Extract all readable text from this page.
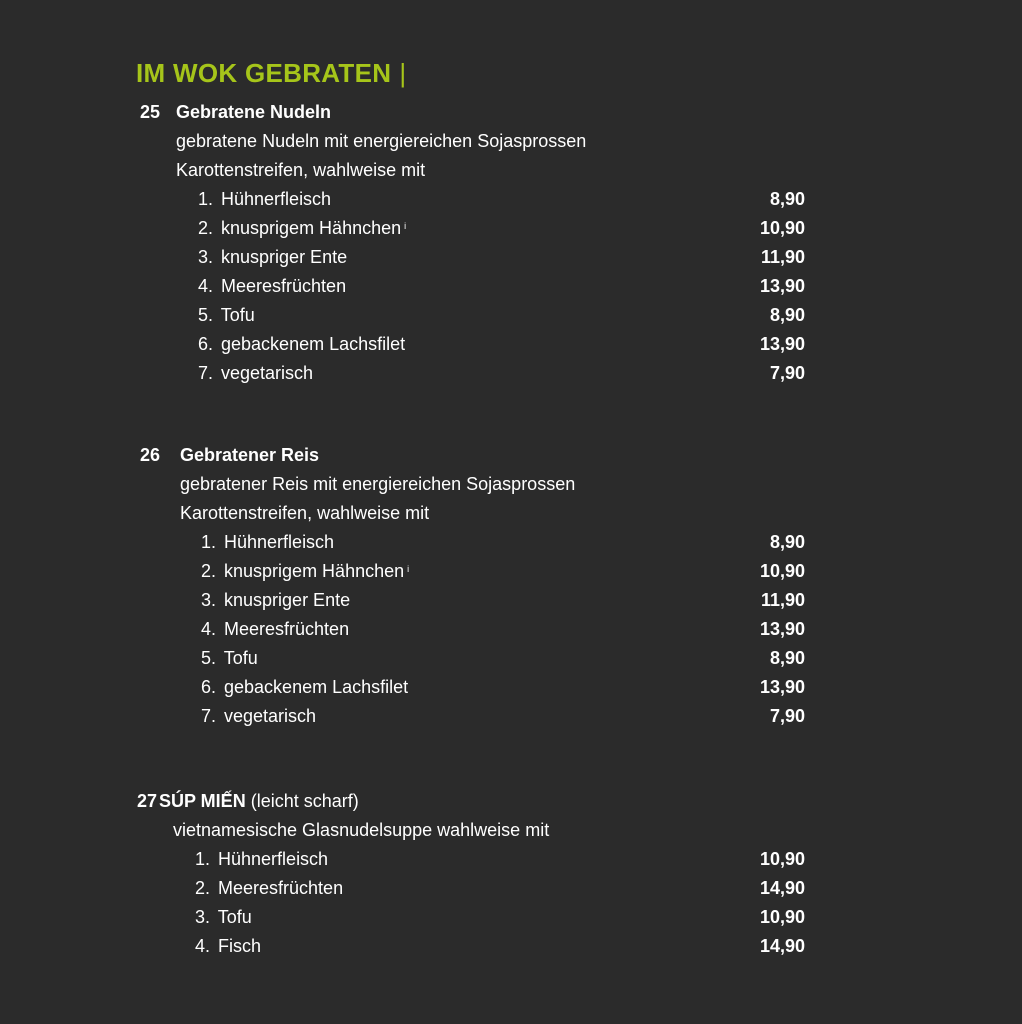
IM WOK GEBRATEN |
25 Gebratene Nudeln
gebratene Nudeln mit energiereichen Sojasprossen
Karottenstreifen, wahlweise mit
1. Hühnerfleisch	8,90
2. knusprigem Hähnchen $^i$	10,90
3. knuspriger Ente	11,90
4. Meeresfrüchten	13,90
5. Tofu	8,90
6. gebackenem Lachsfilet	13,90
7. vegetarisch	7,90
26 Gebratener Reis
gebratener Reis mit energiereichen Sojasprossen
Karottenstreifen, wahlweise mit
1. Hühnerfleisch	8,90
2. knusprigem Hähnchen $^i$	10,90
3. knuspriger Ente	11,90
4. Meeresfrüchten	13,90
5. Tofu	8,90
6. gebackenem Lachsfilet	13,90
7. vegetarisch	7,90
27 SÚP MIẾN (leicht scharf)
vietnamesische Glasnudelsuppe wahlweise mit
1. Hühnerfleisch	10,90
2. Meeresfrüchten	14,90
3. Tofu	10,90
4. Fisch	14,90
